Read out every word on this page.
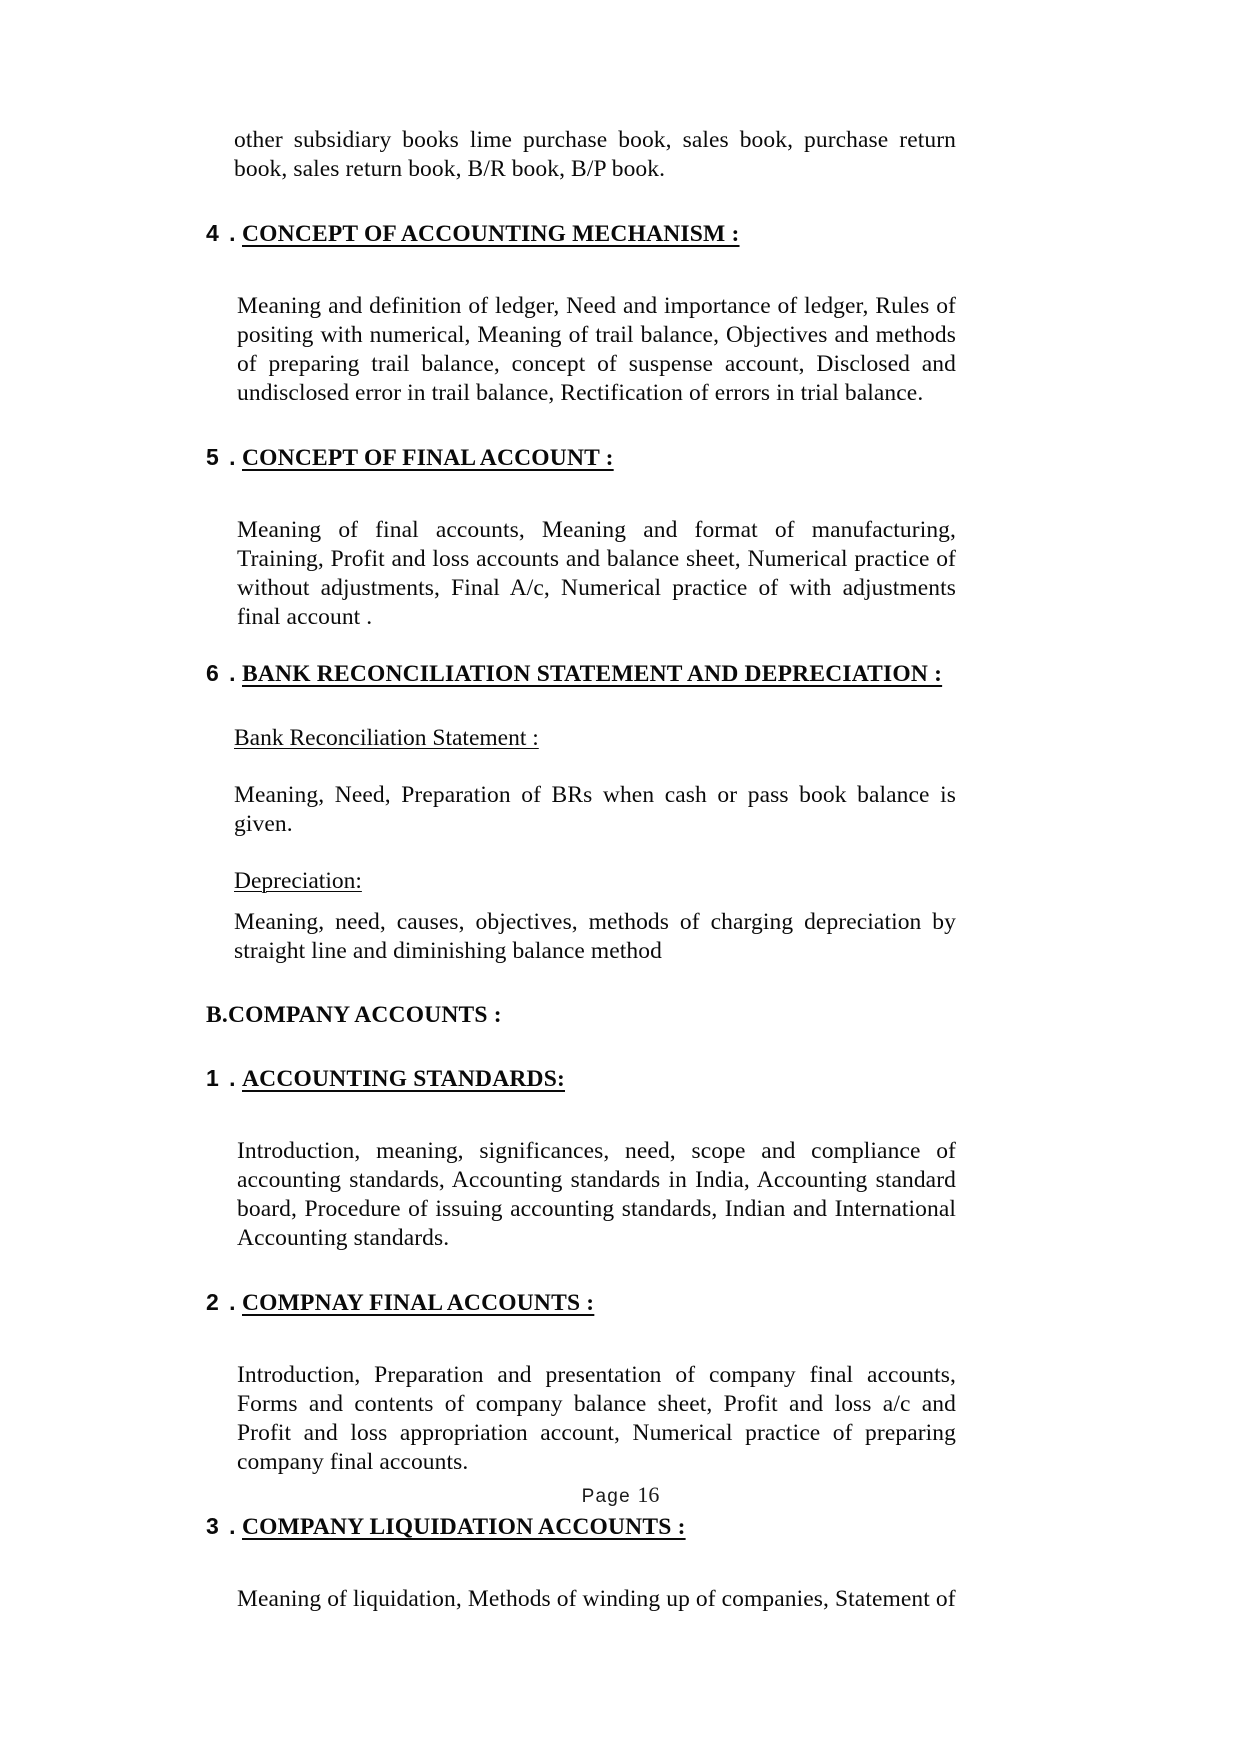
other subsidiary books lime purchase book, sales book, purchase return book, sales return book, B/R book, B/P book.

4 . CONCEPT OF ACCOUNTING MECHANISM :

Meaning and definition of ledger, Need and importance of ledger, Rules of positing with numerical, Meaning of trail balance, Objectives and methods of preparing trail balance, concept of suspense account, Disclosed and undisclosed error in trail balance, Rectification of errors in trial balance.

5 . CONCEPT OF FINAL ACCOUNT :

Meaning of final accounts, Meaning and format of manufacturing, Training, Profit and loss accounts and balance sheet, Numerical practice of without adjustments, Final A/c, Numerical practice of with adjustments final account .

6 . BANK RECONCILIATION STATEMENT AND DEPRECIATION :

Bank Reconciliation Statement :

Meaning, Need, Preparation of BRs when cash or pass book balance is given.

Depreciation:

Meaning, need, causes, objectives, methods of charging depreciation by straight line and diminishing balance method

B.COMPANY ACCOUNTS :

1 . ACCOUNTING STANDARDS:

Introduction, meaning, significances, need, scope and compliance of accounting standards, Accounting standards in India, Accounting standard board, Procedure of issuing accounting standards, Indian and International Accounting standards.

2 . COMPNAY FINAL ACCOUNTS :

Introduction, Preparation and presentation of company final accounts, Forms and contents of company balance sheet, Profit and loss a/c and Profit and loss appropriation account, Numerical practice of preparing company final accounts.

3 . COMPANY LIQUIDATION ACCOUNTS :

Meaning of liquidation, Methods of winding up of companies, Statement of

Page 16
